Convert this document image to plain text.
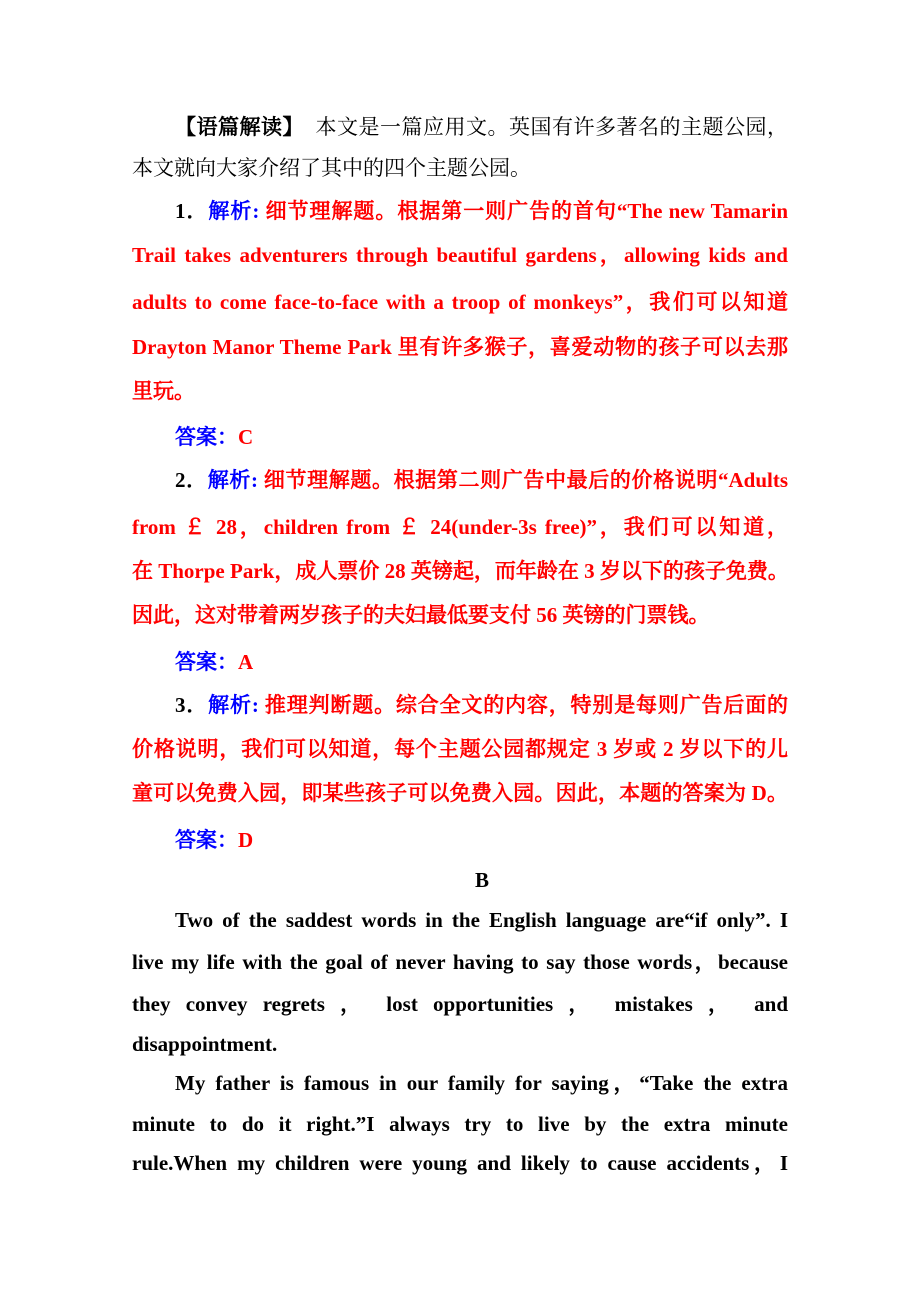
【语篇解读】 本文是一篇应用文。英国有许多著名的主题公园，
本文就向大家介绍了其中的四个主题公园。
1．解析: 细节理解题。根据第一则广告的首句“The new Tamarin
Trail takes adventurers through beautiful gardens，allowing kids and
adults to come face-to-face with a troop of monkeys”，我们可以知道
Drayton Manor Theme Park 里有许多猴子，喜爱动物的孩子可以去那
里玩。
答案：C
2．解析: 细节理解题。根据第二则广告中最后的价格说明“Adults
from ￡ 28，children from ￡ 24(under-3s free)”，我们可以知道，
在 Thorpe Park，成人票价 28 英镑起，而年龄在 3 岁以下的孩子免费。
因此，这对带着两岁孩子的夫妇最低要支付 56 英镑的门票钱。
答案：A
3．解析: 推理判断题。综合全文的内容，特别是每则广告后面的
价格说明，我们可以知道，每个主题公园都规定 3 岁或 2 岁以下的儿
童可以免费入园，即某些孩子可以免费入园。因此，本题的答案为 D。
答案：D
B
Two of the saddest words in the English language are“if only”. I
live my life with the goal of never having to say those words，because
they convey regrets ， lost opportunities ， mistakes ， and
disappointment.
My father is famous in our family for saying，“Take the extra
minute to do it right.”I always try to live by the extra minute
rule.When my children were young and likely to cause accidents，I
